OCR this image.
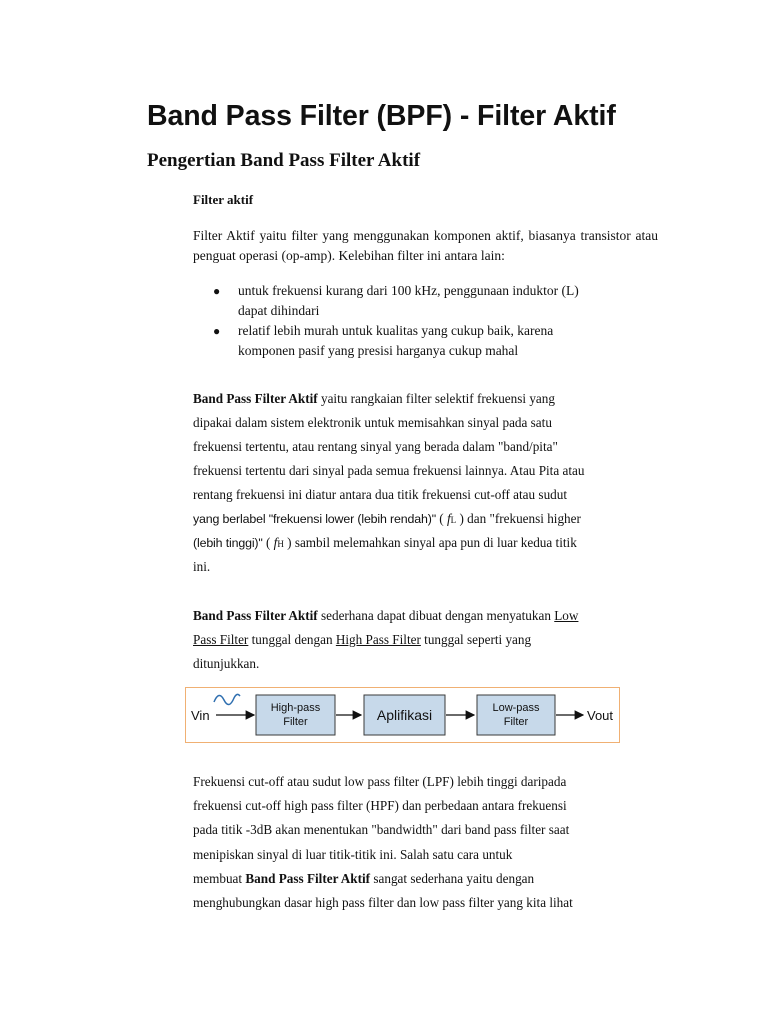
Band Pass Filter (BPF) - Filter Aktif
Pengertian Band Pass Filter Aktif
Filter aktif
Filter Aktif yaitu filter yang menggunakan komponen aktif, biasanya transistor atau penguat operasi (op-amp). Kelebihan filter ini antara lain:
● untuk frekuensi kurang dari 100 kHz, penggunaan induktor (L)
dapat dihindari
● relatif lebih murah untuk kualitas yang cukup baik, karena
komponen pasif yang presisi harganya cukup mahal
Band Pass Filter Aktif yaitu rangkaian filter selektif frekuensi yang
dipakai dalam sistem elektronik untuk memisahkan sinyal pada satu
frekuensi tertentu, atau rentang sinyal yang berada dalam "band/pita"
frekuensi tertentu dari sinyal pada semua frekuensi lainnya. Atau Pita atau
rentang frekuensi ini diatur antara dua titik frekuensi cut-off atau sudut
yang berlabel "frekuensi lower (lebih rendah)" ( fL ) dan "frekuensi higher
(lebih tinggi)" ( fH ) sambil melemahkan sinyal apa pun di luar kedua titik
ini.
Band Pass Filter Aktif sederhana dapat dibuat dengan menyatukan Low
Pass Filter tunggal dengan High Pass Filter tunggal seperti yang
ditunjukkan.
Vin	High-pass
Filter	Aplifikasi	Low-pass
Filter	Vout
Frekuensi cut-off atau sudut low pass filter (LPF) lebih tinggi daripada
frekuensi cut-off high pass filter (HPF) dan perbedaan antara frekuensi
pada titik -3dB akan menentukan "bandwidth" dari band pass filter saat
menipiskan sinyal di luar titik-titik ini. Salah satu cara untuk
membuat Band Pass Filter Aktif sangat sederhana yaitu dengan
menghubungkan dasar high pass filter dan low pass filter yang kita lihat
